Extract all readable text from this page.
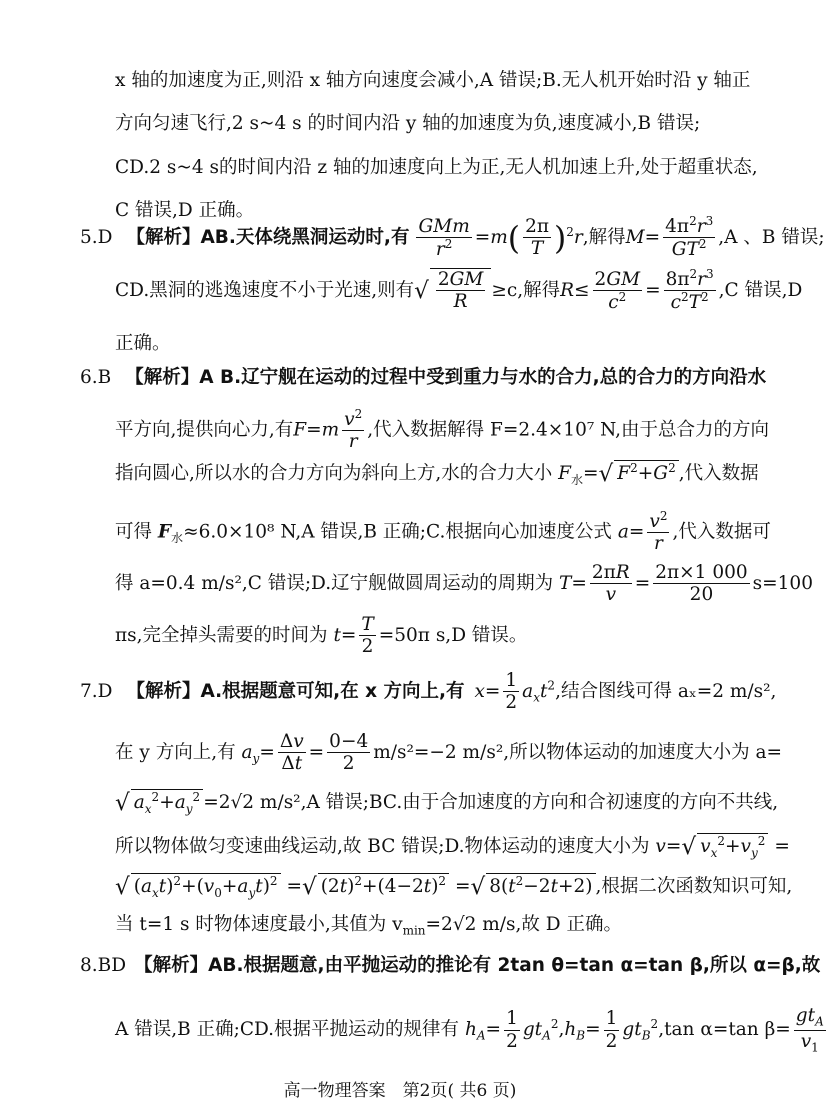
x 轴的加速度为正,则沿 x 轴方向速度会减小,A 错误;B.无人机开始时沿 y 轴正
方向匀速飞行,2 s~4 s 的时间内沿 y 轴的加速度为负,速度减小,B 错误;
CD.2 s~4 s的时间内沿 z 轴的加速度向上为正,无人机加速上升,处于超重状态,
C 错误,D 正确。
5.D 【解析】AB.天体绕黑洞运动时,有 $\frac{\text{GMm}}{r^2} =m( \frac{2\pi}{T} )^2r$,解得$M= \frac{4\pi^2r^3}{GT^2} ,A$ 、B 错误;
CD.黑洞的逃逸速度不小于光速,则有√ $\frac{2GM}{R} \ge c$,解得$R\le \frac{2GM}{c^2} = \frac{8\pi^2r^3}{c^2T^2} ,C$ 错误,D
正确。
6.B 【解析】A B.辽宁舰在运动的过程中受到重力与水的合力,总的合力的方向沿水
平方向,提供向心力,有$F=m \frac{v^2}{r}$ ,代入数据解得 F=2.4×10⁷ N,由于总合力的方向
指向圆心,所以水的合力方向为斜向上方,水的合力大小 $F_水=√$ $F^2+G^2$ ,代入数据
可得 $F_水\approx 6.0\times 10^8$ N,A 错误,B 正确;C.根据向心加速度公式 $a= \frac{v^2}{r}$ ,代入数据可
得 a=0.4 m/s²,C 错误;D.辽宁舰做圆周运动的周期为 $T= \frac{2\pi R}{v} = \frac{2\pi\times 1 000}{20} s=100$
πs,完全掉头需要的时间为 $t= \frac{T}{2} =50\pi$ s,D 错误。
7.D 【解析】A.根据题意可知,在 x 方向上,有 $x= \frac{1}{2} a_xt^2$,结合图线可得 aₓ=2 m/s²,
在 y 方向上,有 $a_y= \frac{\Delta v}{\Delta t} = \frac{0-4}{2} m/s^2=-2$ m/s²,所以物体运动的加速度大小为 a=
√ $a_x^2+a_y^2 =2√2$ m/s²,A 错误;BC.由于合加速度的方向和合初速度的方向不共线,
所以物体做匀变速曲线运动,故 BC 错误;D.物体运动的速度大小为 v=√ $v_x^2+v_y^2$ =
√ $(a_xt)^2+(v_0+a_yt)^2$ =√ $(2t)^2+(4-2t)^2$ =√ $8(t^2-2t+2)$ ,根据二次函数知识可知,
当 t=1 s 时物体速度最小,其值为 $v_{min}=2√2$ m/s,故 D 正确。
8.BD 【解析】AB.根据题意,由平抛运动的推论有 2tan θ=tan α=tan β,所以 α=β,故
A 错误,B 正确;CD.根据平抛运动的规律有 $h_A= \frac{1}{2} gt_A^2,h_B= \frac{1}{2} gt_B^2,\tan$ α=tan $\beta= \frac{gt_A}{v_1}$
高一物理答案　第2页( 共6 页)
